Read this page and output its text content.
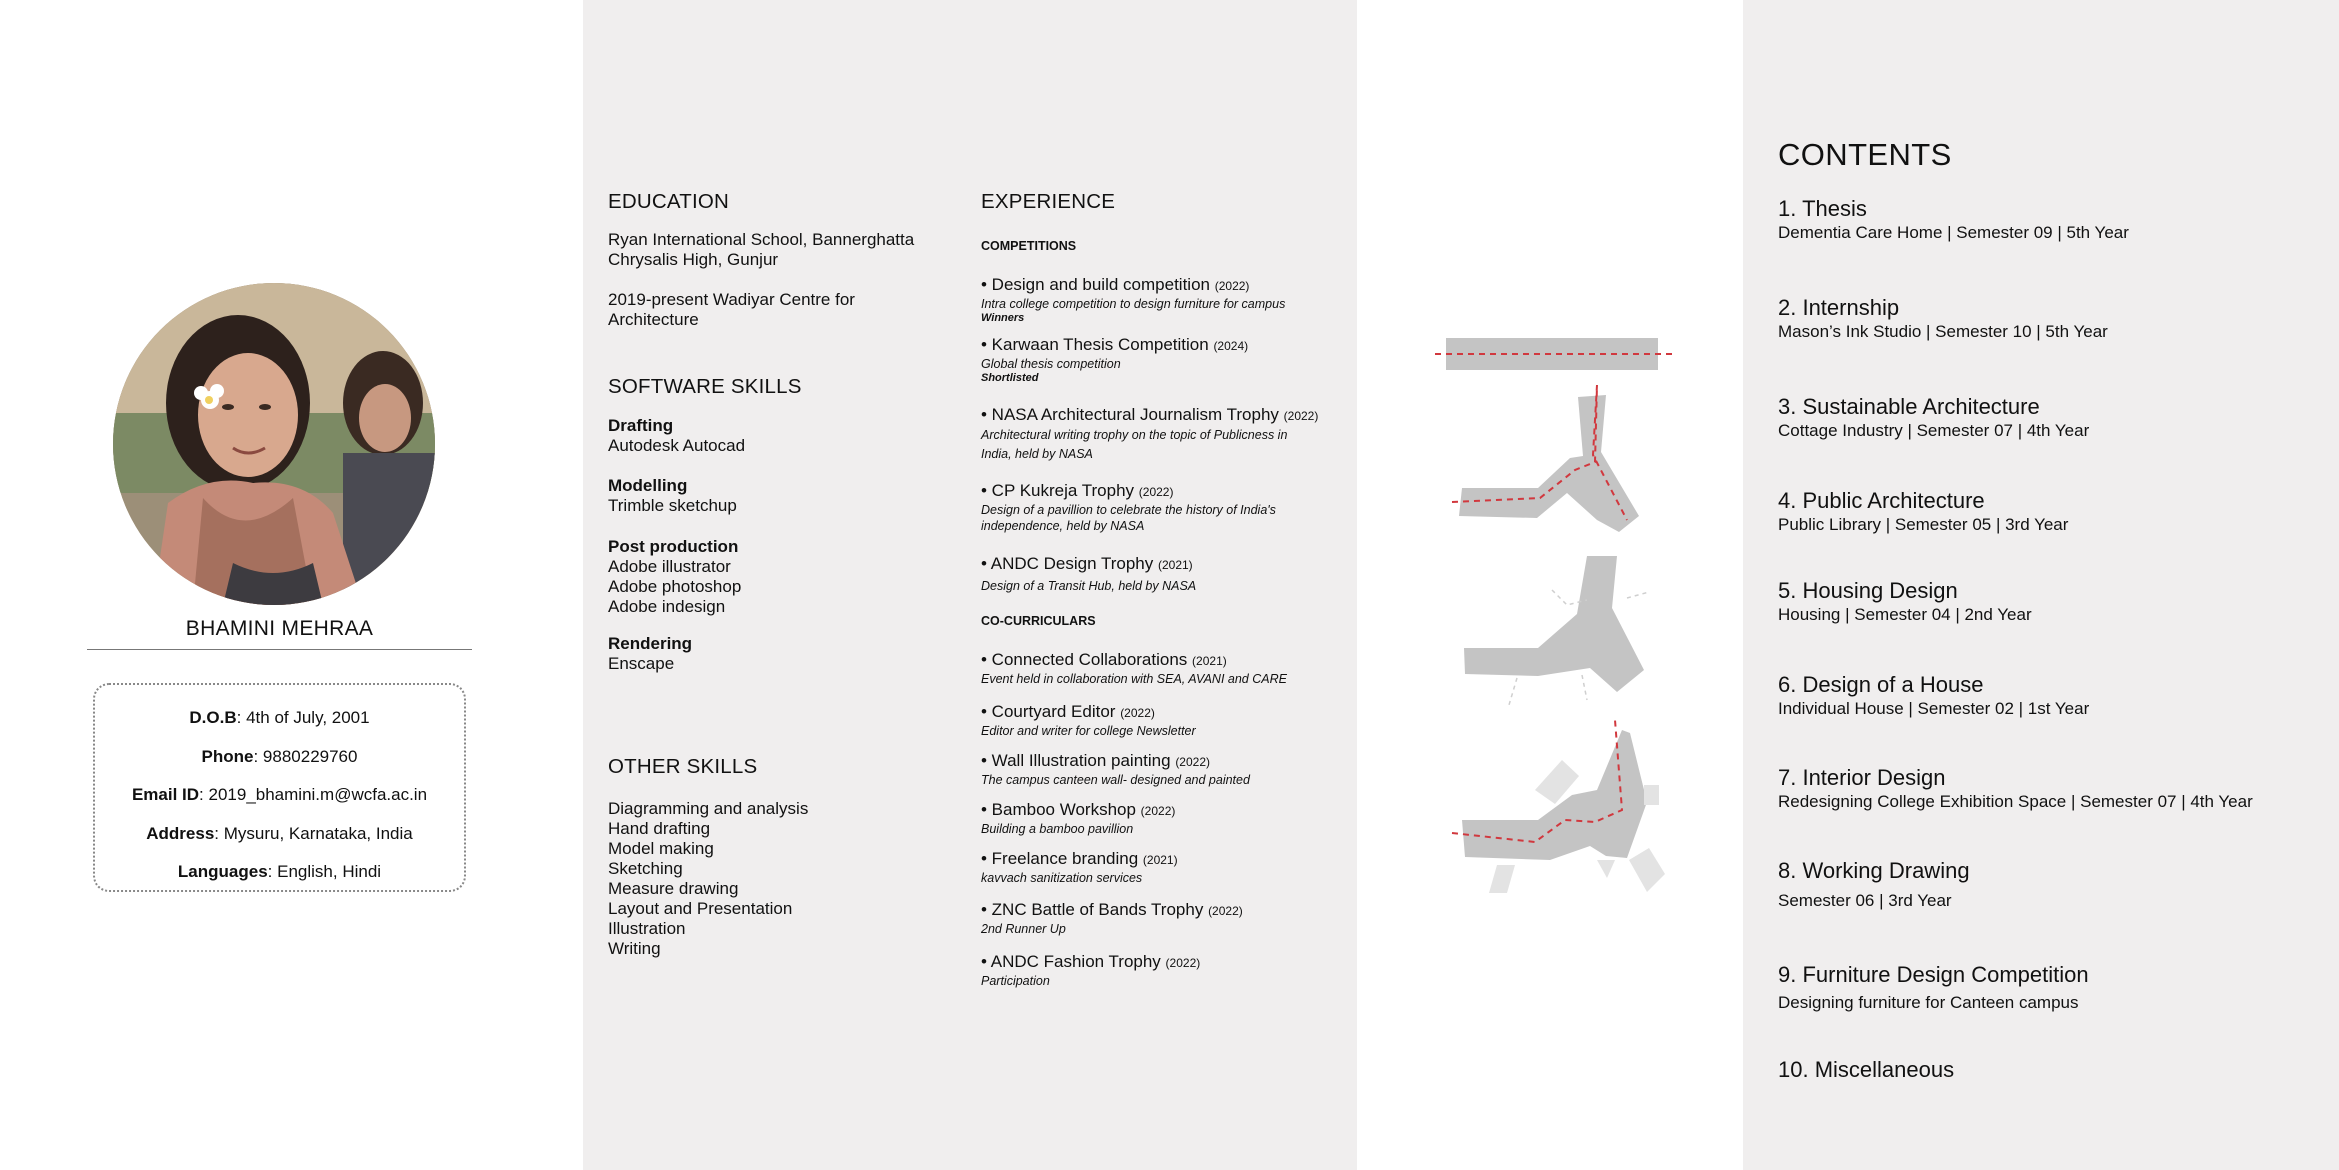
BHAMINI MEHRAA
D.O.B: 4th of July, 2001
Phone: 9880229760
Email ID: 2019_bhamini.m@wcfa.ac.in
Address: Mysuru, Karnataka, India
Languages: English, Hindi
EDUCATION
Ryan International School, Bannerghatta
Chrysalis High, Gunjur
2019-present Wadiyar Centre for
Architecture
SOFTWARE SKILLS
Drafting
Autodesk Autocad
Modelling
Trimble sketchup
Post production
Adobe illustrator
Adobe photoshop
Adobe indesign
Rendering
Enscape
OTHER SKILLS
Diagramming and analysis
Hand drafting
Model making
Sketching
Measure drawing
Layout and Presentation
Illustration
Writing
EXPERIENCE
COMPETITIONS
• Design and build competition (2022)
Intra college competition to design furniture for campus
Winners
• Karwaan Thesis Competition (2024)
Global thesis competition
Shortlisted
• NASA Architectural Journalism Trophy (2022)
Architectural writing trophy on the topic of Publicness in
India, held by NASA
• CP Kukreja Trophy (2022)
Design of a pavillion to celebrate the history of India's
independence, held by NASA
• ANDC Design Trophy (2021)
Design of a Transit Hub, held by NASA
CO-CURRICULARS
• Connected Collaborations (2021)
Event held in collaboration with SEA, AVANI and CARE
• Courtyard Editor (2022)
Editor and writer for college Newsletter
• Wall Illustration painting (2022)
The campus canteen wall- designed and painted
• Bamboo Workshop (2022)
Building a bamboo pavillion
• Freelance branding (2021)
kavvach sanitization services
• ZNC Battle of Bands Trophy (2022)
2nd Runner Up
• ANDC Fashion Trophy (2022)
Participation
CONTENTS
1. Thesis
Dementia Care Home | Semester 09 | 5th Year
2. Internship
Mason’s Ink Studio | Semester 10 | 5th Year
3. Sustainable Architecture
Cottage Industry | Semester 07 | 4th Year
4. Public Architecture
Public Library | Semester 05 | 3rd Year
5. Housing Design
Housing | Semester 04 | 2nd Year
6. Design of a House
Individual House | Semester 02 | 1st Year
7. Interior Design
Redesigning College Exhibition Space | Semester 07 | 4th Year
8. Working Drawing
Semester 06 | 3rd Year
9. Furniture Design Competition
Designing furniture for Canteen campus
10. Miscellaneous
